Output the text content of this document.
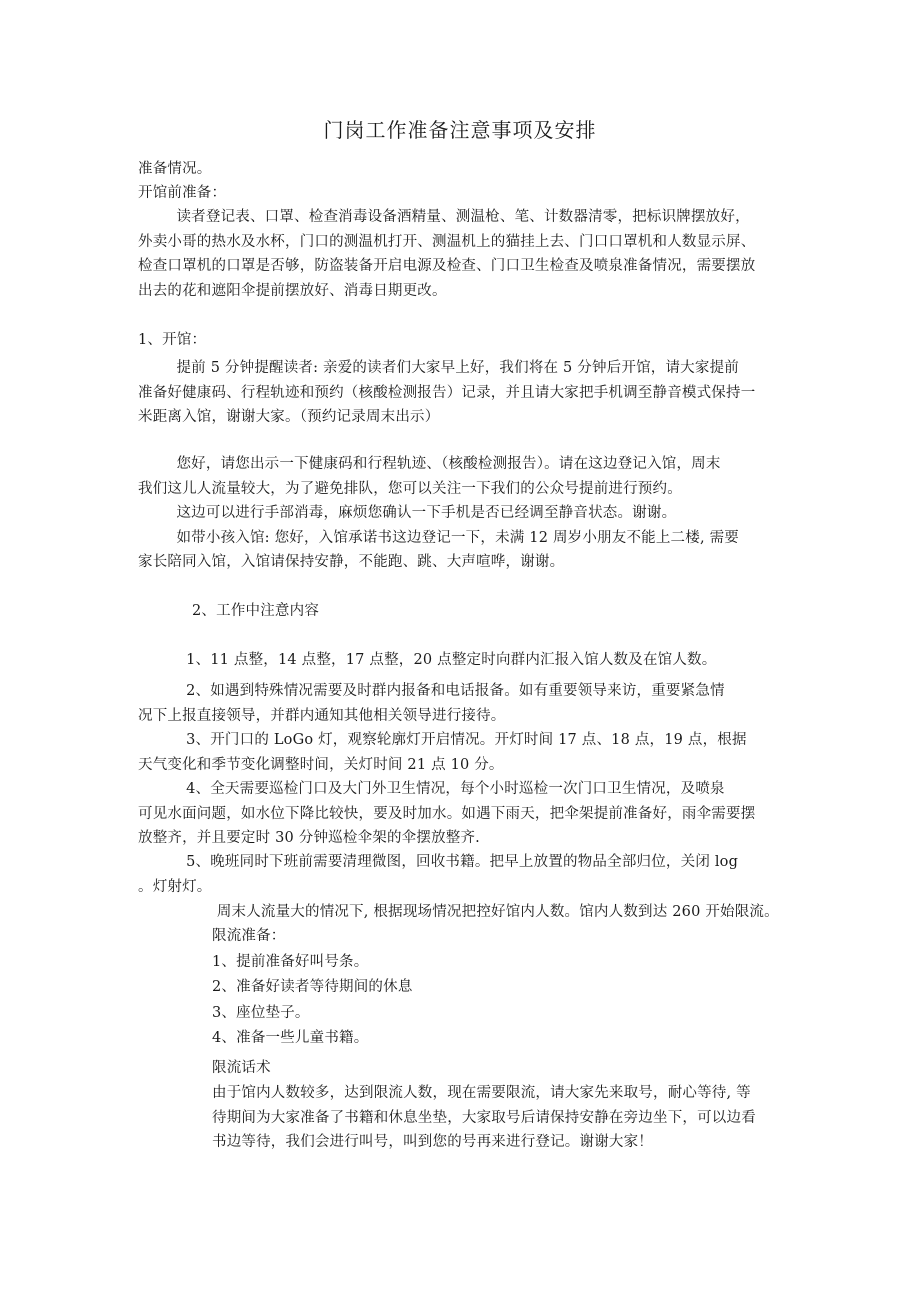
门岗工作准备注意事项及安排

准备情况。

开馆前准备：

读者登记表、口罩、检查消毒设备酒精量、测温枪、笔、计数器清零，把标识牌摆放好，
外卖小哥的热水及水杯，门口的测温机打开、测温机上的猫挂上去、门口口罩机和人数显示屏、
检查口罩机的口罩是否够，防盗装备开启电源及检查、门口卫生检查及喷泉准备情况，需要摆放
出去的花和遮阳伞提前摆放好、消毒日期更改。

1、开馆：

提前 5 分钟提醒读者: 亲爱的读者们大家早上好，我们将在 5 分钟后开馆，请大家提前
准备好健康码、行程轨迹和预约（核酸检测报告）记录，并且请大家把手机调至静音模式保持一
米距离入馆，谢谢大家。（预约记录周末出示）

您好，请您出示一下健康码和行程轨迹、（核酸检测报告）。请在这边登记入馆，周末
我们这儿人流量较大，为了避免排队，您可以关注一下我们的公众号提前进行预约。
这边可以进行手部消毒，麻烦您确认一下手机是否已经调至静音状态。谢谢。
如带小孩入馆: 您好，入馆承诺书这边登记一下，未满 12 周岁小朋友不能上二楼, 需要
家长陪同入馆，入馆请保持安静，不能跑、跳、大声喧哗，谢谢。

2、工作中注意内容

1、11 点整，14 点整，17 点整，20 点整定时向群内汇报入馆人数及在馆人数。

2、如遇到特殊情况需要及时群内报备和电话报备。如有重要领导来访，重要紧急情
况下上报直接领导，并群内通知其他相关领导进行接待。

3、开门口的 LoGo 灯，观察轮廓灯开启情况。开灯时间 17 点、18 点，19 点，根据
天气变化和季节变化调整时间，关灯时间 21 点 10 分。

4、全天需要巡检门口及大门外卫生情况，每个小时巡检一次门口卫生情况，及喷泉
可见水面问题，如水位下降比较快，要及时加水。如遇下雨天，把伞架提前准备好，雨伞需要摆
放整齐，并且要定时 30 分钟巡检伞架的伞摆放整齐.

5、晚班同时下班前需要清理微图，回收书籍。把早上放置的物品全部归位，关闭 log
。灯射灯。

周末人流量大的情况下, 根据现场情况把控好馆内人数。馆内人数到达 260 开始限流。

限流准备：

1、提前准备好叫号条。

2、准备好读者等待期间的休息

3、座位垫子。

4、准备一些儿童书籍。

限流话术

由于馆内人数较多，达到限流人数，现在需要限流，请大家先来取号，耐心等待, 等
待期间为大家准备了书籍和休息坐垫，大家取号后请保持安静在旁边坐下，可以边看
书边等待，我们会进行叫号，叫到您的号再来进行登记。谢谢大家！
